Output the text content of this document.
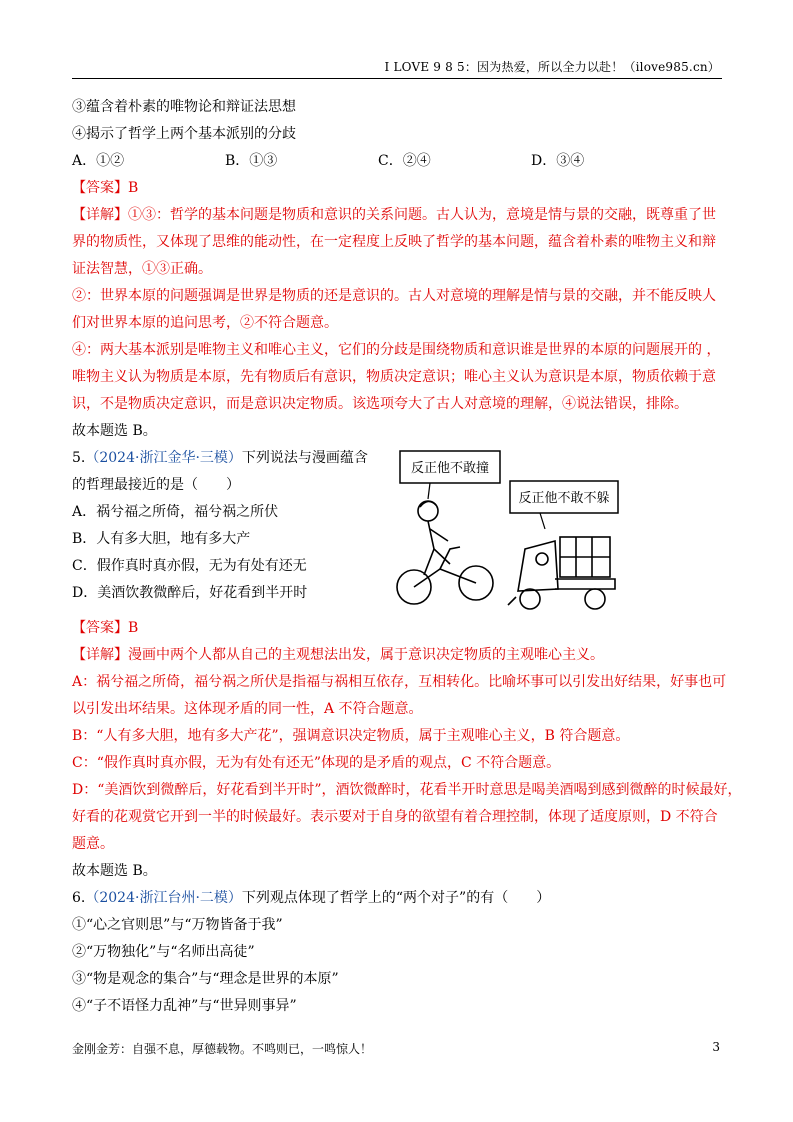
I LOVE 9 8 5：因为热爱，所以全力以赴！（ilove985.cn）
③蕴含着朴素的唯物论和辩证法思想
④揭示了哲学上两个基本派别的分歧
A．①②	B．①③	C．②④	D．③④
【答案】B
【详解】①③：哲学的基本问题是物质和意识的关系问题。古人认为，意境是情与景的交融，既尊重了世
界的物质性，又体现了思维的能动性，在一定程度上反映了哲学的基本问题，蕴含着朴素的唯物主义和辩
证法智慧，①③正确。
②：世界本原的问题强调是世界是物质的还是意识的。古人对意境的理解是情与景的交融，并不能反映人
们对世界本原的追问思考，②不符合题意。
④：两大基本派别是唯物主义和唯心主义，它们的分歧是围绕物质和意识谁是世界的本原的问题展开的 ，
唯物主义认为物质是本原，先有物质后有意识，物质决定意识；唯心主义认为意识是本原，物质依赖于意
识，不是物质决定意识，而是意识决定物质。该选项夸大了古人对意境的理解，④说法错误，排除。
故本题选 B。
5.（2024·浙江金华·三模）下列说法与漫画蕴含
的哲理最接近的是（　　）
A．祸兮福之所倚，福兮祸之所伏
B．人有多大胆，地有多大产
C．假作真时真亦假，无为有处有还无
D．美酒饮教微醉后，好花看到半开时
反正他不敢撞
反正他不敢不躲
【答案】B
【详解】漫画中两个人都从自己的主观想法出发，属于意识决定物质的主观唯心主义。
A：祸兮福之所倚，福兮祸之所伏是指福与祸相互依存，互相转化。比喻坏事可以引发出好结果，好事也可
以引发出坏结果。这体现矛盾的同一性，A 不符合题意。
B：“人有多大胆，地有多大产花”，强调意识决定物质，属于主观唯心主义，B 符合题意。
C：“假作真时真亦假，无为有处有还无”体现的是矛盾的观点，C 不符合题意。
D：“美酒饮到微醉后，好花看到半开时”，酒饮微醉时，花看半开时意思是喝美酒喝到感到微醉的时候最好，
好看的花观赏它开到一半的时候最好。表示要对于自身的欲望有着合理控制，体现了适度原则，D 不符合
题意。
故本题选 B。
6.（2024·浙江台州·二模）下列观点体现了哲学上的“两个对子”的有（　　）
①“心之官则思”与“万物皆备于我”
②“万物独化”与“名师出高徒”
③“物是观念的集合”与“理念是世界的本原”
④“子不语怪力乱神”与“世异则事异”
金刚金芳：自强不息，厚德载物。不鸣则已，一鸣惊人！	3
